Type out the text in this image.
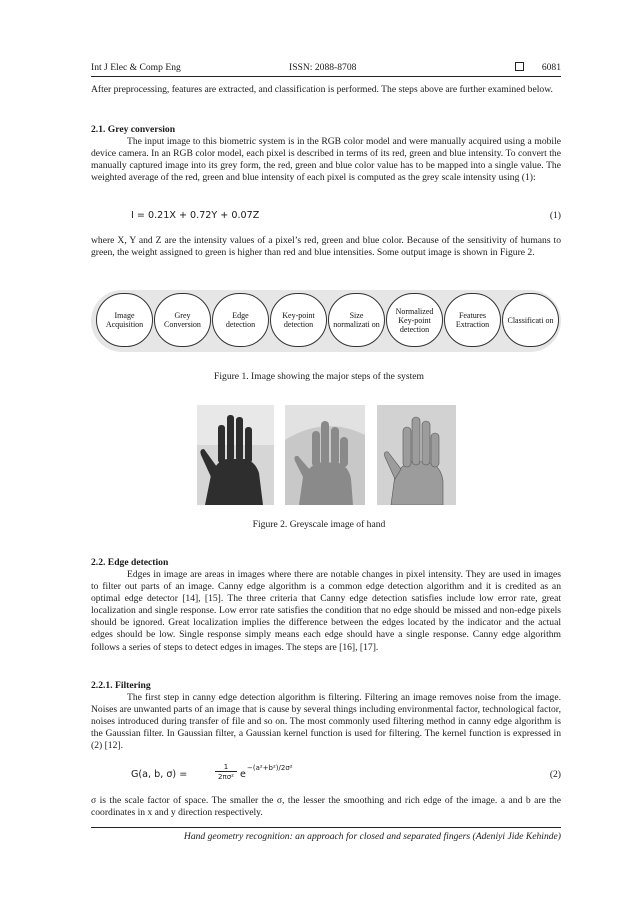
Int J Elec & Comp Eng	ISSN: 2088-8708	6081
After preprocessing, features are extracted, and classification is performed. The steps above are further examined below.
2.1. Grey conversion
The input image to this biometric system is in the RGB color model and were manually acquired using a mobile device camera. In an RGB color model, each pixel is described in terms of its red, green and blue intensity. To convert the manually captured image into its grey form, the red, green and blue color value has to be mapped into a single value. The weighted average of the red, green and blue intensity of each pixel is computed as the grey scale intensity using (1):
I = 0.21X + 0.72Y + 0.07Z	(1)
where X, Y and Z are the intensity values of a pixel’s red, green and blue color. Because of the sensitivity of humans to green, the weight assigned to green is higher than red and blue intensities. Some output image is shown in Figure 2.
Image Acquisition
Grey Conversion
Edge detection
Key-point detection
Size normalizati on
Normalized Key-point detection
Features Extraction	Classificati on
Figure 1. Image showing the major steps of the system
Figure 2. Greyscale image of hand
2.2. Edge detection
Edges in image are areas in images where there are notable changes in pixel intensity. They are used in images to filter out parts of an image. Canny edge algorithm is a common edge detection algorithm and it is credited as an optimal edge detector [14], [15]. The three criteria that Canny edge detection satisfies include low error rate, great localization and single response. Low error rate satisfies the condition that no edge should be missed and non-edge pixels should be ignored. Great localization implies the difference between the edges located by the indicator and the actual edges should be low. Single response simply means each edge should have a single response. Canny edge algorithm follows a series of steps to detect edges in images. The steps are [16], [17].
2.2.1. Filtering
The first step in canny edge detection algorithm is filtering. Filtering an image removes noise from the image. Noises are unwanted parts of an image that is cause by several things including environmental factor, technological factor, noises introduced during transfer of file and so on. The most commonly used filtering method in canny edge algorithm is the Gaussian filter. In Gaussian filter, a Gaussian kernel function is used for filtering. The kernel function is expressed in (2) [12].
G(a, b, σ) =
1
2πσ² e
−(a²+b²)/2σ²
(2)
σ is the scale factor of space. The smaller the σ, the lesser the smoothing and rich edge of the image. a and b are the coordinates in x and y direction respectively.
Hand geometry recognition: an approach for closed and separated fingers (Adeniyi Jide Kehinde)
